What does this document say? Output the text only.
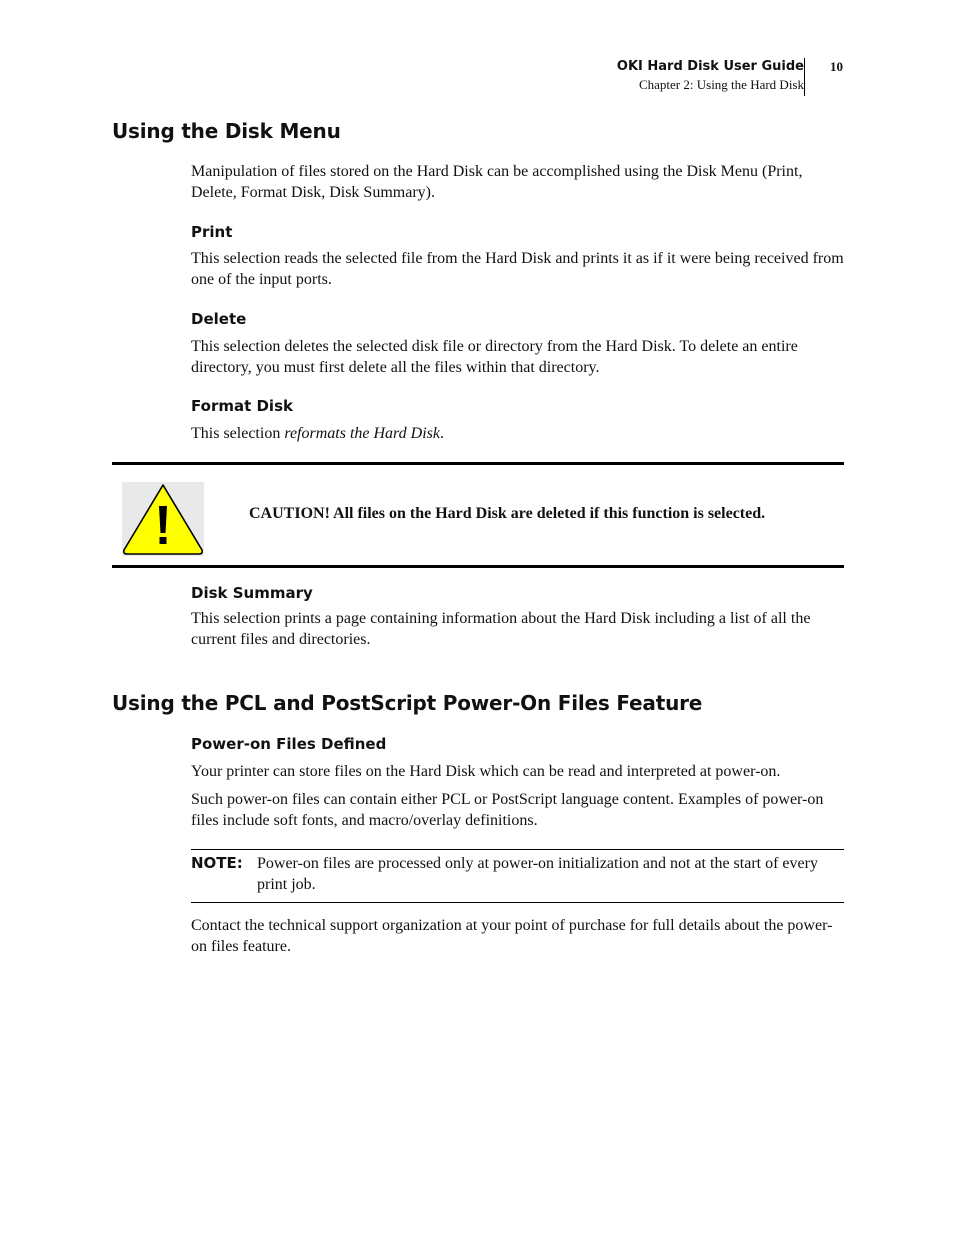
OKI Hard Disk User Guide
Chapter 2: Using the Hard Disk
10
Using the Disk Menu

Manipulation of files stored on the Hard Disk can be accomplished using the Disk Menu (Print, Delete, Format Disk, Disk Summary).

Print

This selection reads the selected file from the Hard Disk and prints it as if it were being received from one of the input ports.

Delete

This selection deletes the selected disk file or directory from the Hard Disk. To delete an entire directory, you must first delete all the files within that directory.

Format Disk

This selection reformats the Hard Disk.

CAUTION! All files on the Hard Disk are deleted if this function is selected.

Disk Summary

This selection prints a page containing information about the Hard Disk including a list of all the current files and directories.

Using the PCL and PostScript Power-On Files Feature
Power-on Files Defined

Your printer can store files on the Hard Disk which can be read and interpreted at power-on.

Such power-on files can contain either PCL or PostScript language content. Examples of power-on files include soft fonts, and macro/overlay definitions.

NOTE: Power-on files are processed only at power-on initialization and not at the start of every print job.

Contact the technical support organization at your point of purchase for full details about the power-on files feature.
